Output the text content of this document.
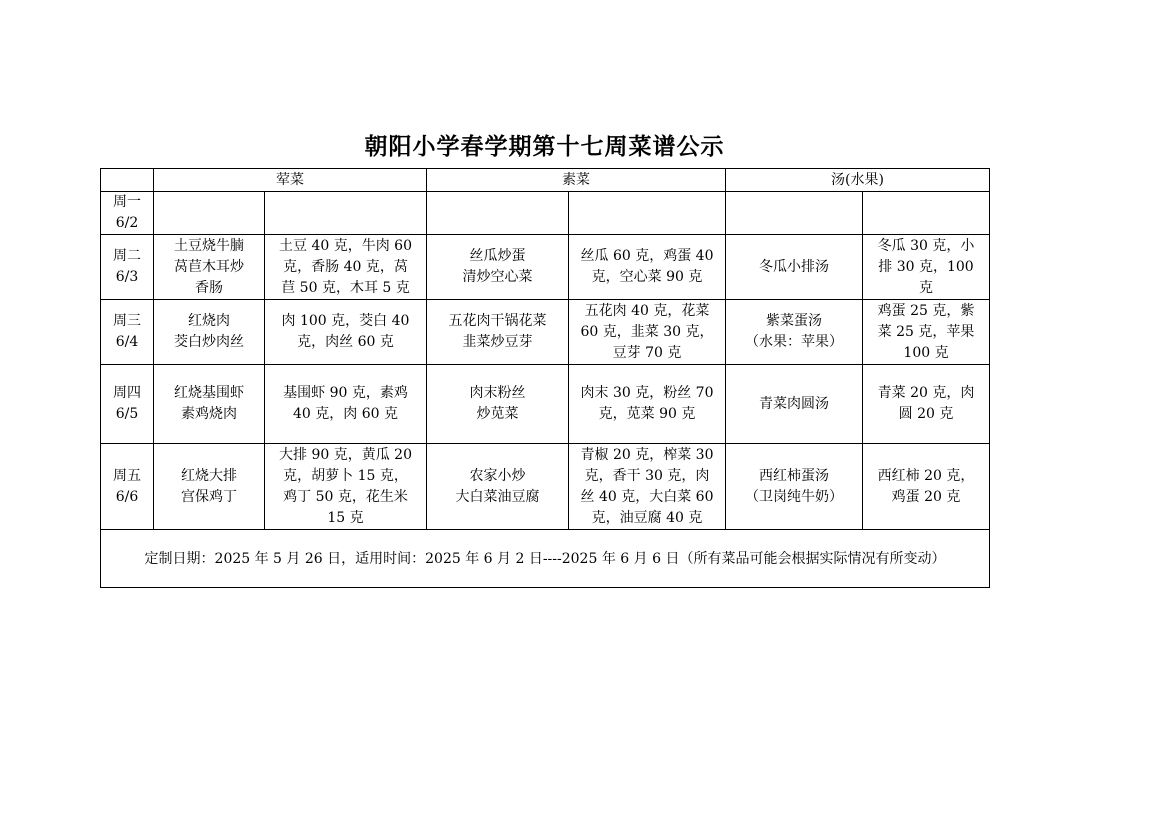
朝阳小学春学期第十七周菜谱公示
	荤菜		素菜		汤(水果)	

周一
6/2						

周二
6/3	土豆烧牛腩
莴苣木耳炒
香肠	土豆 40 克，牛肉 60
克，香肠 40 克，莴
苣 50 克，木耳 5 克	丝瓜炒蛋
清炒空心菜	丝瓜 60 克，鸡蛋 40
克，空心菜 90 克	冬瓜小排汤	冬瓜 30 克，小
排 30 克，100
克

周三
6/4	红烧肉
茭白炒肉丝	肉 100 克，茭白 40
克，肉丝 60 克	五花肉干锅花菜
韭菜炒豆芽	五花肉 40 克，花菜
60 克，韭菜 30 克，
豆芽 70 克	紫菜蛋汤
（水果：苹果）	鸡蛋 25 克，紫
菜 25 克，苹果
100 克

周四
6/5	红烧基围虾
素鸡烧肉	基围虾 90 克，素鸡
40 克，肉 60 克	肉末粉丝
炒苋菜	肉末 30 克，粉丝 70
克，苋菜 90 克	青菜肉圆汤	青菜 20 克，肉
圆 20 克

周五
6/6	红烧大排
宫保鸡丁	大排 90 克，黄瓜 20
克，胡萝卜 15 克，
鸡丁 50 克，花生米
15 克	农家小炒
大白菜油豆腐	青椒 20 克，榨菜 30
克，香干 30 克，肉
丝 40 克，大白菜 60
克，油豆腐 40 克	西红柿蛋汤
（卫岗纯牛奶）	西红柿 20 克，
鸡蛋 20 克

定制日期：2025 年 5 月 26 日，适用时间：2025 年 6 月 2 日----2025 年 6 月 6 日（所有菜品可能会根据实际情况有所变动）						
